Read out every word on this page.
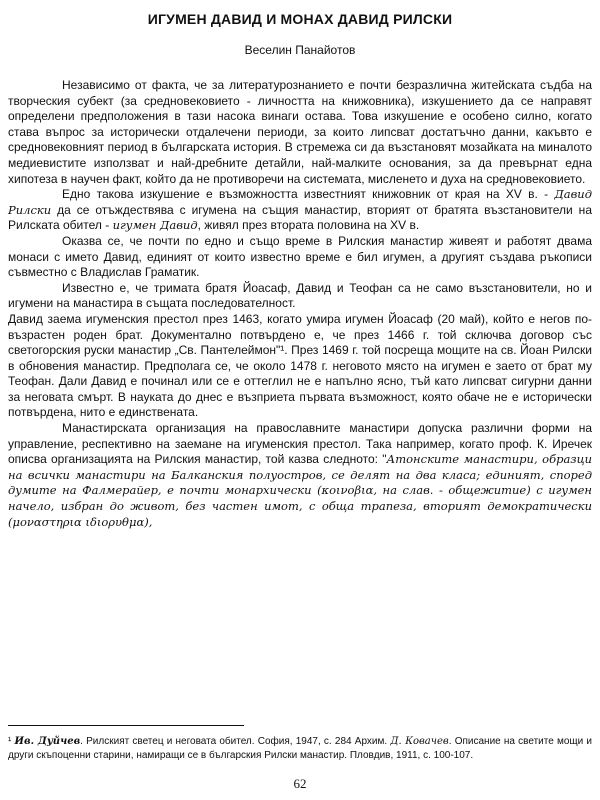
ИГУМЕН ДАВИД И МОНАХ ДАВИД РИЛСКИ
Веселин Панайотов

Независимо от факта, че за литературознанието е почти безразлична житейската съдба на творческия субект (за средновековието - личността на книжовника), изкушението да се направят определени предположения в тази насока винаги остава. Това изкушение е особено силно, когато става въпрос за исторически отдалечени периоди, за които липсват достатъчно данни, какъвто е средновековният период в българската история. В стремежа си да възстановят мозайката на миналото медиевистите използват и най-дребните детайли, най-малките основания, за да превърнат една хипотеза в научен факт, който да не противоречи на системата, мисленето и духа на средновековието.

Едно такова изкушение е възможността известният книжовник от края на XV в. - Давид Рилски да се отъждествява с игумена на същия манастир, вторият от братята възстановители на Рилската обител - игумен Давид, живял през втората половина на XV в.

Оказва се, че почти по едно и също време в Рилския манастир живеят и работят двама монаси с името Давид, единият от които известно време е бил игумен, а другият създава ръкописи съвместно с Владислав Граматик.

Известно е, че тримата братя Йоасаф, Давид и Теофан са не само възстановители, но и игумени на манастира в същата последователност.

Давид заема игуменския престол през 1463, когато умира игумен Йоасаф (20 май), който е негов по-възрастен роден брат. Документално потвърдено е, че през 1466 г. той сключва договор със светогорския руски манастир „Св. Пантелеймон"¹. През 1469 г. той посреща мощите на св. Йоан Рилски в обновения манастир. Предполага се, че около 1478 г. неговото място на игумен е заето от брат му Теофан. Дали Давид е починал или се е оттеглил не е напълно ясно, тъй като липсват сигурни данни за неговата смърт. В науката до днес е възприета първата възможност, която обаче не е исторически потвърдена, нито е единствената.

Манастирската организация на православните манастири допуска различни форми на управление, респективно на заемане на игуменския престол. Така например, когато проф. К. Иречек описва организацията на Рилския манастир, той казва следното: "Атонските манастири, образци на всички манастири на Балканския полуостров, се делят на два класа; единият, според думите на Фалмерайер, е почти монархически (κοινοβια, на слав. - общежитие) с игумен начело, избран до живот, без частен имот, с обща трапеза, вторият демократически (μοναστηρια ιδιορυθμα),

¹ Ив. Дуйчев. Рилският светец и неговата обител. София, 1947, с. 284 Архим. Д. Ковачев. Описание на светите мощи и други скъпоценни старини, намиращи се в българския Рилски манастир. Пловдив, 1911, с. 100-107.
62
